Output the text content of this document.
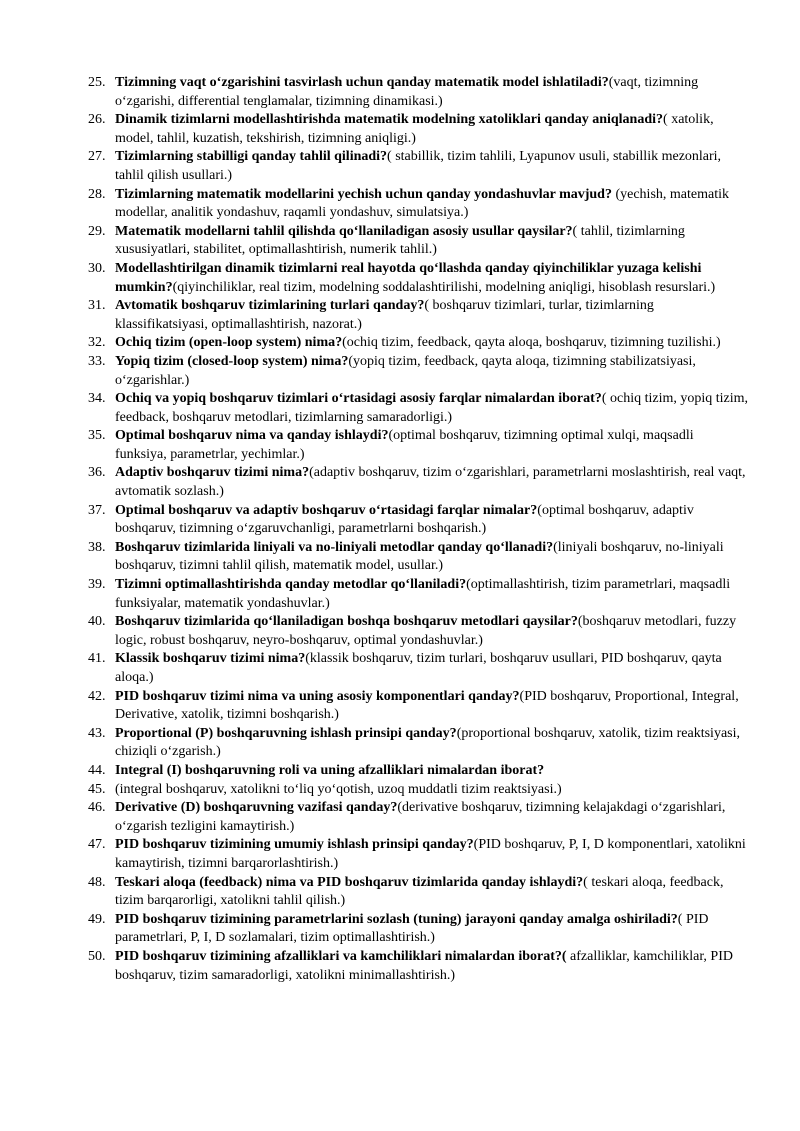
25. Tizimning vaqt o‘zgarishini tasvirlash uchun qanday matematik model ishlatiladi?(vaqt, tizimning o‘zgarishi, differential tenglamalar, tizimning dinamikasi.)
26. Dinamik tizimlarni modellashtirishda matematik modelning xatoliklari qanday aniqlanadi?( xatolik, model, tahlil, kuzatish, tekshirish, tizimning aniqligi.)
27. Tizimlarning stabilligi qanday tahlil qilinadi?( stabillik, tizim tahlili, Lyapunov usuli, stabillik mezonlari, tahlil qilish usullari.)
28. Tizimlarning matematik modellarini yechish uchun qanday yondashuvlar mavjud? (yechish, matematik modellar, analitik yondashuv, raqamli yondashuv, simulatsiya.)
29. Matematik modellarni tahlil qilishda qo‘llaniladigan asosiy usullar qaysilar?( tahlil, tizimlarning xususiyatlari, stabilitet, optimallashtirish, numerik tahlil.)
30. Modellashtirilgan dinamik tizimlarni real hayotda qo‘llashda qanday qiyinchiliklar yuzaga kelishi mumkin?(qiyinchiliklar, real tizim, modelning soddalashtirilishi, modelning aniqligi, hisoblash resurslari.)
31. Avtomatik boshqaruv tizimlarining turlari qanday?( boshqaruv tizimlari, turlar, tizimlarning klassifikatsiyasi, optimallashtirish, nazorat.)
32. Ochiq tizim (open-loop system) nima?(ochiq tizim, feedback, qayta aloqa, boshqaruv, tizimning tuzilishi.)
33. Yopiq tizim (closed-loop system) nima?(yopiq tizim, feedback, qayta aloqa, tizimning stabilizatsiyasi, o‘zgarishlar.)
34. Ochiq va yopiq boshqaruv tizimlari o‘rtasidagi asosiy farqlar nimalardan iborat?( ochiq tizim, yopiq tizim, feedback, boshqaruv metodlari, tizimlarning samaradorligi.)
35. Optimal boshqaruv nima va qanday ishlaydi?(optimal boshqaruv, tizimning optimal xulqi, maqsadli funksiya, parametrlar, yechimlar.)
36. Adaptiv boshqaruv tizimi nima?(adaptiv boshqaruv, tizim o‘zgarishlari, parametrlarni moslashtirish, real vaqt, avtomatik sozlash.)
37. Optimal boshqaruv va adaptiv boshqaruv o‘rtasidagi farqlar nimalar?(optimal boshqaruv, adaptiv boshqaruv, tizimning o‘zgaruvchanligi, parametrlarni boshqarish.)
38. Boshqaruv tizimlarida liniyali va no-liniyali metodlar qanday qo‘llanadi?(liniyali boshqaruv, no-liniyali boshqaruv, tizimni tahlil qilish, matematik model, usullar.)
39. Tizimni optimallashtirishda qanday metodlar qo‘llaniladi?(optimallashtirish, tizim parametrlari, maqsadli funksiyalar, matematik yondashuvlar.)
40. Boshqaruv tizimlarida qo‘llaniladigan boshqa boshqaruv metodlari qaysilar?(boshqaruv metodlari, fuzzy logic, robust boshqaruv, neyro-boshqaruv, optimal yondashuvlar.)
41. Klassik boshqaruv tizimi nima?(klassik boshqaruv, tizim turlari, boshqaruv usullari, PID boshqaruv, qayta aloqa.)
42. PID boshqaruv tizimi nima va uning asosiy komponentlari qanday?(PID boshqaruv, Proportional, Integral, Derivative, xatolik, tizimni boshqarish.)
43. Proportional (P) boshqaruvning ishlash prinsipi qanday?(proportional boshqaruv, xatolik, tizim reaktsiyasi, chiziqli o‘zgarish.)
44. Integral (I) boshqaruvning roli va uning afzalliklari nimalardan iborat?
45. (integral boshqaruv, xatolikni to‘liq yo‘qotish, uzoq muddatli tizim reaktsiyasi.)
46. Derivative (D) boshqaruvning vazifasi qanday?(derivative boshqaruv, tizimning kelajakdagi o‘zgarishlari, o‘zgarish tezligini kamaytirish.)
47. PID boshqaruv tizimining umumiy ishlash prinsipi qanday?(PID boshqaruv, P, I, D komponentlari, xatolikni kamaytirish, tizimni barqarorlashtirish.)
48. Teskari aloqa (feedback) nima va PID boshqaruv tizimlarida qanday ishlaydi?( teskari aloqa, feedback, tizim barqarorligi, xatolikni tahlil qilish.)
49. PID boshqaruv tizimining parametrlarini sozlash (tuning) jarayoni qanday amalga oshiriladi?( PID parametrlari, P, I, D sozlamalari, tizim optimallashtirish.)
50. PID boshqaruv tizimining afzalliklari va kamchiliklari nimalardan iborat?( afzalliklar, kamchiliklar, PID boshqaruv, tizim samaradorligi, xatolikni minimallashtirish.)
